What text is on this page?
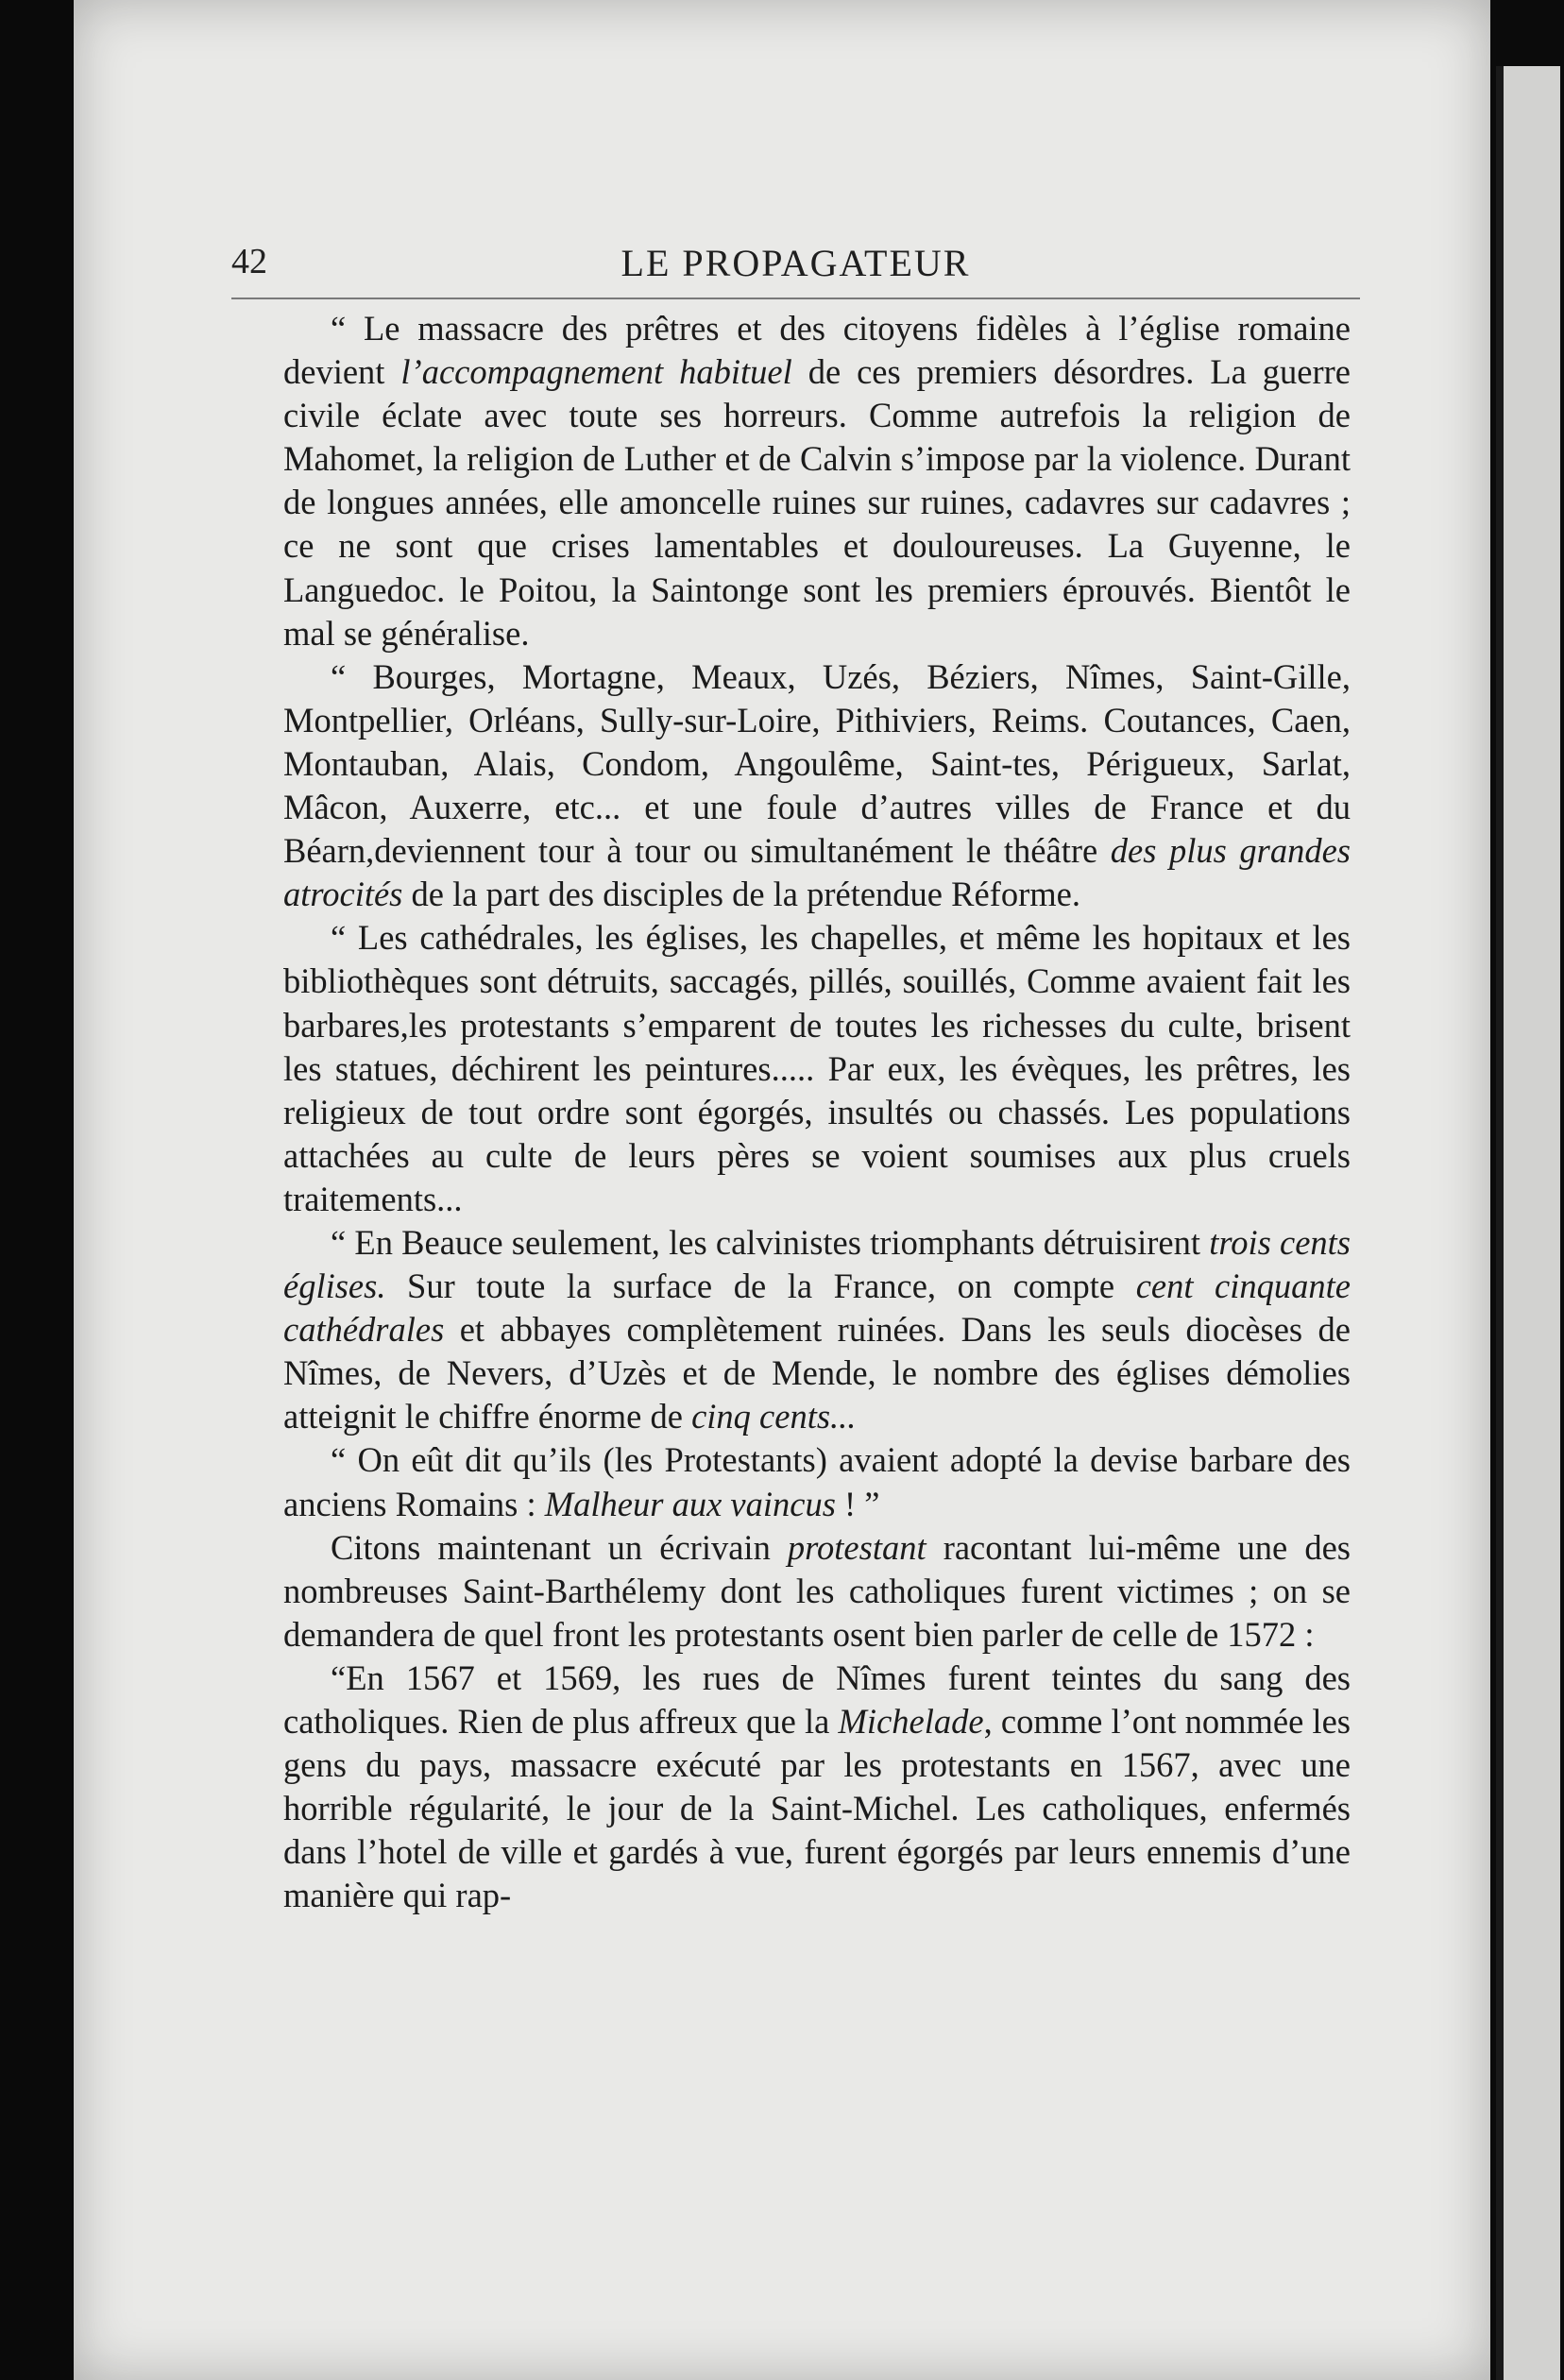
42	LE PROPAGATEUR

“ Le massacre des prêtres et des citoyens fidèles à l’église romaine devient l’accompagnement habituel de ces premiers désordres. La guerre civile éclate avec toute ses horreurs. Comme autrefois la religion de Mahomet, la religion de Luther et de Calvin s’impose par la violence. Durant de longues années, elle amoncelle ruines sur ruines, cadavres sur cadavres ; ce ne sont que crises lamentables et douloureuses. La Guyenne, le Languedoc. le Poitou, la Saintonge sont les premiers éprouvés. Bientôt le mal se généralise.

“ Bourges, Mortagne, Meaux, Uzés, Béziers, Nîmes, Saint-Gille, Montpellier, Orléans, Sully-sur-Loire, Pithiviers, Reims. Coutances, Caen, Montauban, Alais, Condom, Angoulême, Saint-tes, Périgueux, Sarlat, Mâcon, Auxerre, etc... et une foule d’autres villes de France et du Béarn,deviennent tour à tour ou simultanément le théâtre des plus grandes atrocités de la part des disciples de la prétendue Réforme.

“ Les cathédrales, les églises, les chapelles, et même les hopitaux et les bibliothèques sont détruits, saccagés, pillés, souillés, Comme avaient fait les barbares,les protestants s’emparent de toutes les richesses du culte, brisent les statues, déchirent les peintures..... Par eux, les évèques, les prêtres, les religieux de tout ordre sont égorgés, insultés ou chassés. Les populations attachées au culte de leurs pères se voient soumises aux plus cruels traitements...

“ En Beauce seulement, les calvinistes triomphants détruisirent trois cents églises. Sur toute la surface de la France, on compte cent cinquante cathédrales et abbayes complètement ruinées. Dans les seuls diocèses de Nîmes, de Nevers, d’Uzès et de Mende, le nombre des églises démolies atteignit le chiffre énorme de cinq cents...

“ On eût dit qu’ils (les Protestants) avaient adopté la devise barbare des anciens Romains : Malheur aux vaincus ! ”

Citons maintenant un écrivain protestant racontant lui-même une des nombreuses Saint-Barthélemy dont les catholiques furent victimes ; on se demandera de quel front les protestants osent bien parler de celle de 1572 :

“En 1567 et 1569, les rues de Nîmes furent teintes du sang des catholiques. Rien de plus affreux que la Michelade, comme l’ont nommée les gens du pays, massacre exécuté par les protestants en 1567, avec une horrible régularité, le jour de la Saint-Michel. Les catholiques, enfermés dans l’hotel de ville et gardés à vue, furent égorgés par leurs ennemis d’une manière qui rap-
